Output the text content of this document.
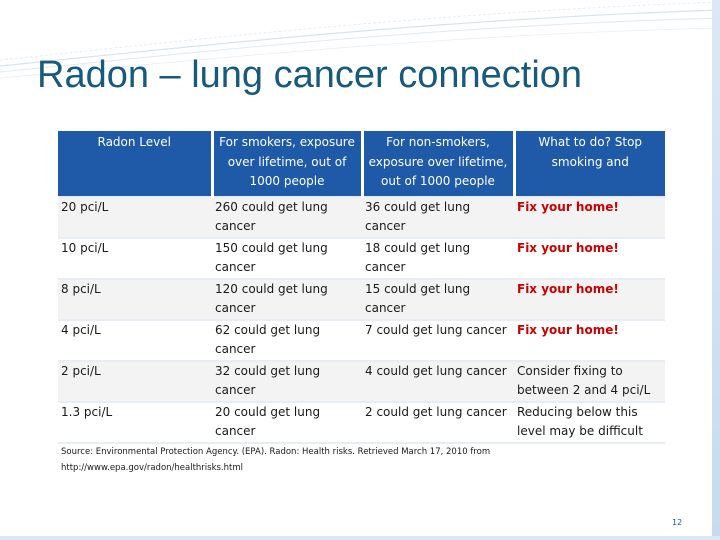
Radon – lung cancer connection
Radon Level	For smokers, exposure over lifetime, out of 1000 people	For non-smokers, exposure over lifetime, out of 1000 people	What to do? Stop smoking and
20 pci/L	260 could get lung cancer	36 could get lung cancer	Fix your home!
10 pci/L	150 could get lung cancer	18 could get lung cancer	Fix your home!
8 pci/L	120 could get lung cancer	15 could get lung cancer	Fix your home!
4 pci/L	62 could get lung cancer	7 could get lung cancer	Fix your home!
2 pci/L	32 could get lung cancer	4 could get lung cancer	Consider fixing to between 2 and 4 pci/L
1.3 pci/L	20 could get lung cancer	2 could get lung cancer	Reducing below this level may be difficult
Source: Environmental Protection Agency. (EPA). Radon: Health risks. Retrieved March 17, 2010 from http://www.epa.gov/radon/healthrisks.html			
12
